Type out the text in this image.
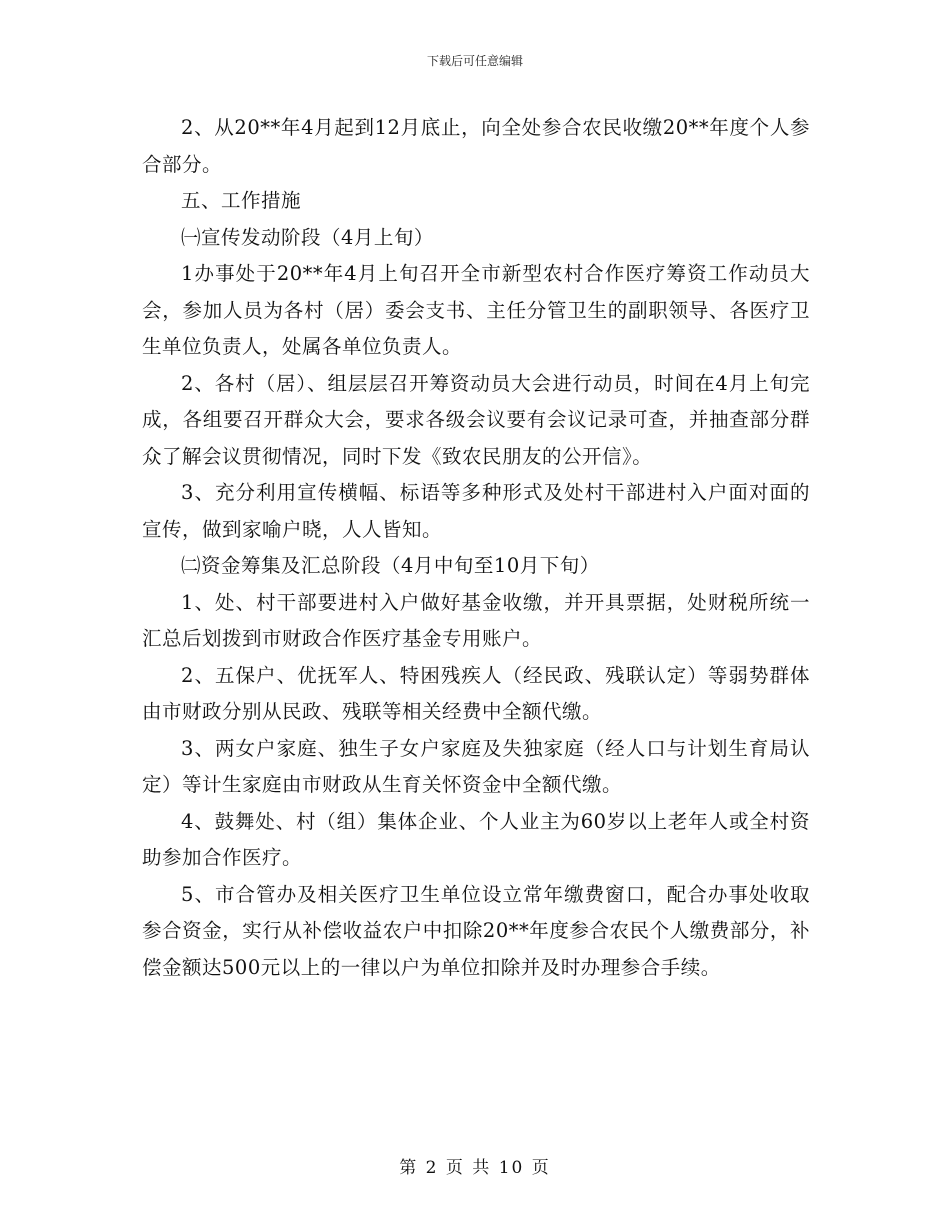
下载后可任意编辑

2、从20**年4月起到12月底止，向全处参合农民收缴20**年度个人参合部分。

五、工作措施

㈠宣传发动阶段（4月上旬）

1办事处于20**年4月上旬召开全市新型农村合作医疗筹资工作动员大会，参加人员为各村（居）委会支书、主任分管卫生的副职领导、各医疗卫生单位负责人，处属各单位负责人。

2、各村（居）、组层层召开筹资动员大会进行动员，时间在4月上旬完成，各组要召开群众大会，要求各级会议要有会议记录可查，并抽查部分群众了解会议贯彻情况，同时下发《致农民朋友的公开信》。

3、充分利用宣传横幅、标语等多种形式及处村干部进村入户面对面的宣传，做到家喻户晓，人人皆知。

㈡资金筹集及汇总阶段（4月中旬至10月下旬）

1、处、村干部要进村入户做好基金收缴，并开具票据，处财税所统一汇总后划拨到市财政合作医疗基金专用账户。

2、五保户、优抚军人、特困残疾人（经民政、残联认定）等弱势群体由市财政分别从民政、残联等相关经费中全额代缴。

3、两女户家庭、独生子女户家庭及失独家庭（经人口与计划生育局认定）等计生家庭由市财政从生育关怀资金中全额代缴。

4、鼓舞处、村（组）集体企业、个人业主为60岁以上老年人或全村资助参加合作医疗。

5、市合管办及相关医疗卫生单位设立常年缴费窗口，配合办事处收取参合资金，实行从补偿收益农户中扣除20**年度参合农民个人缴费部分，补偿金额达500元以上的一律以户为单位扣除并及时办理参合手续。

第 2 页 共 10 页
